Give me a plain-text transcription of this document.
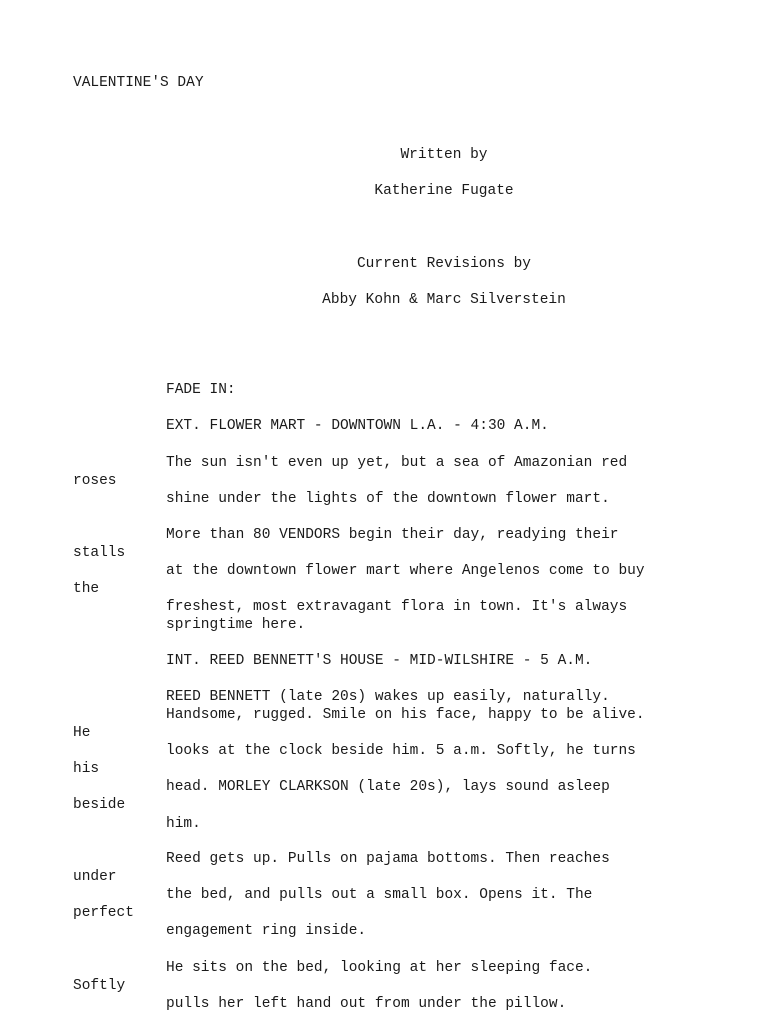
VALENTINE'S DAY
Written by
Katherine Fugate
Current Revisions by
Abby Kohn & Marc Silverstein
FADE IN:
EXT. FLOWER MART - DOWNTOWN L.A. - 4:30 A.M.
The sun isn't even up yet, but a sea of Amazonian red
roses
shine under the lights of the downtown flower mart.
More than 80 VENDORS begin their day, readying their
stalls
at the downtown flower mart where Angelenos come to buy
the
freshest, most extravagant flora in town. It's always
springtime here.
INT. REED BENNETT'S HOUSE - MID-WILSHIRE - 5 A.M.
REED BENNETT (late 20s) wakes up easily, naturally.
Handsome, rugged. Smile on his face, happy to be alive.
He
looks at the clock beside him. 5 a.m. Softly, he turns
his
head. MORLEY CLARKSON (late 20s), lays sound asleep
beside
him.
Reed gets up. Pulls on pajama bottoms. Then reaches
under
the bed, and pulls out a small box. Opens it. The
perfect
engagement ring inside.
He sits on the bed, looking at her sleeping face.
Softly
pulls her left hand out from under the pillow.
